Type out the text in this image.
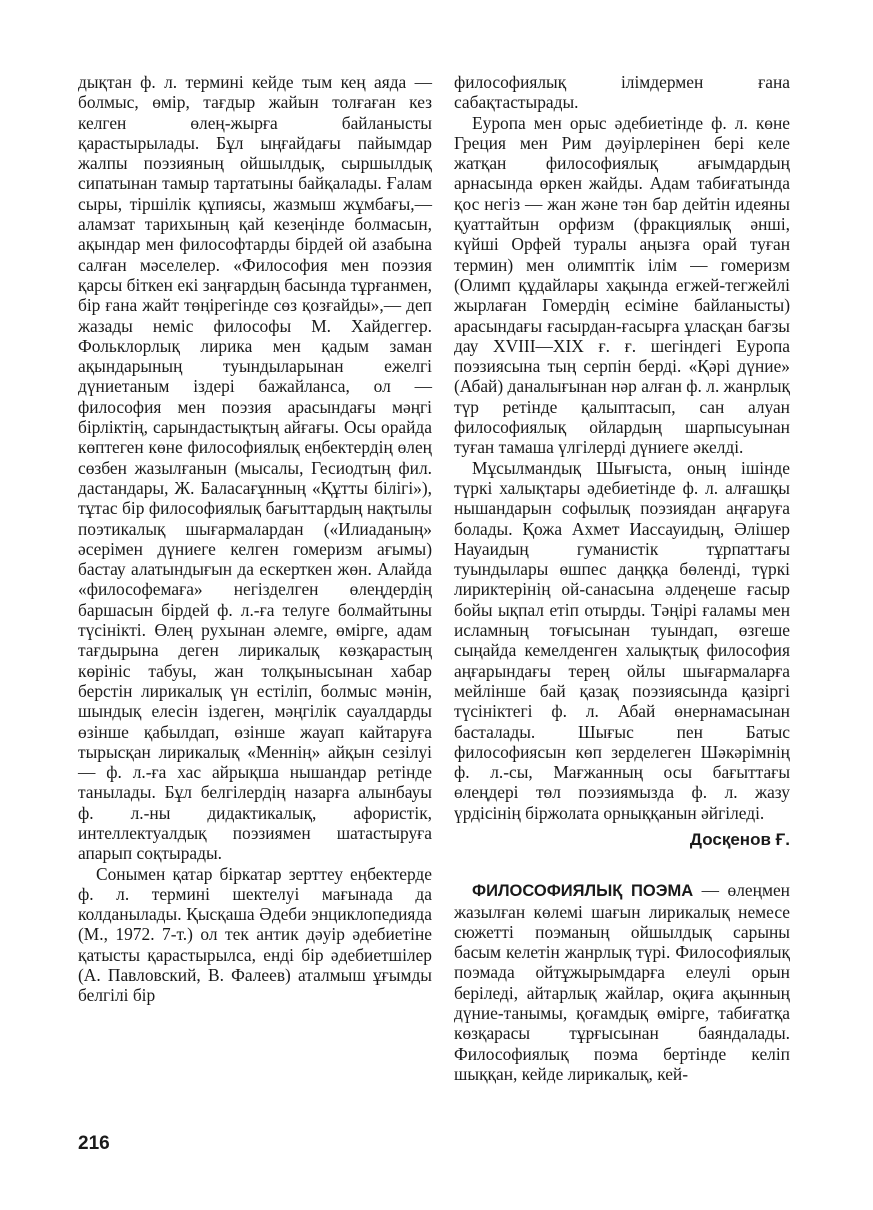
дықтан ф. л. термині кейде тым кең аяда — болмыс, өмір, тағдыр жайын толғаған кез келген өлең-жырға байланысты қарастырылады. Бұл ыңғайдағы пайымдар жалпы поэзияның ойшылдық, сыршылдық сипатынан тамыр тартатыны байқалады. Ғалам сыры, тіршілік құпиясы, жазмыш жұмбағы,— аламзат тарихының қай кезеңінде болмасын, ақындар мен философтарды бірдей ой азабына салған мәселелер. «Философия мен поэзия қарсы біткен екі заңғардың басында тұрғанмен, бір ғана жайт төңірегінде сөз қозғайды»,— деп жазады неміс философы М. Хайдеггер. Фольклорлық лирика мен қадым заман ақындарының туындыларынан ежелгі дүниетаным іздері бажайланса, ол — философия мен поэзия арасындағы мәңгі бірліктің, сарындастықтың айғағы. Осы орайда көптеген көне философиялық еңбектердің өлең сөзбен жазылғанын (мысалы, Гесиодтың фил. дастандары, Ж. Баласағұнның «Құтты білігі»), тұтас бір философиялық бағыттардың нақтылы поэтикалық шығармалардан («Илиаданың» әсерімен дүниеге келген гомеризм ағымы) бастау алатындығын да ескерткен жөн. Алайда «философемаға» негізделген өлеңдердің баршасын бірдей ф. л.-ға телуге болмайтыны түсінікті. Өлең рухынан әлемге, өмірге, адам тағдырына деген лирикалық көзқарастың көрініс табуы, жан толқынысынан хабар берстін лирикалық үн естіліп, болмыс мәнін, шындық елесін іздеген, мәңгілік сауалдарды өзінше қабылдап, өзінше жауап кайтаруға тырысқан лирикалық «Меннің» айқын сезілуі — ф. л.-ға хас айрықша нышандар ретінде танылады. Бұл белгілердің назарға алынбауы ф. л.-ны дидактикалық, афористік, интеллектуалдық поэзиямен шатастыруға апарып соқтырады.

Сонымен қатар біркатар зерттеу еңбектерде ф. л. термині шектелуі мағынада да колданылады. Қысқаша Әдеби энциклопедияда (М., 1972. 7-т.) ол тек антик дәуір әдебиетіне қатысты қарастырылса, енді бір әдебиетшілер (А. Павловский, В. Фалеев) аталмыш ұғымды белгілі бір

философиялық ілімдермен ғана сабақтастырады.

Еуропа мен орыс әдебиетінде ф. л. көне Греция мен Рим дәуірлерінен бері келе жатқан философиялық ағымдардың арнасында өркен жайды. Адам табиғатында қос негіз — жан және тән бар дейтін идеяны қуаттайтын орфизм (фракциялық әнші, күйші Орфей туралы аңызға орай туған термин) мен олимптік ілім — гомеризм (Олимп құдайлары хақында егжей-тегжейлі жырлаған Гомердің есіміне байланысты) арасындағы ғасырдан-ғасырға ұласқан бағзы дау XVIII—XIX ғ. ғ. шегіндегі Еуропа поэзиясына тың серпін берді. «Қәрі дүние» (Абай) даналығынан нәр алған ф. л. жанрлық түр ретінде қалыптасып, сан алуан философиялық ойлардың шарпысуынан туған тамаша үлгілерді дүниеге әкелді.

Мұсылмандық Шығыста, оның ішінде түркі халықтары әдебиетінде ф. л. алғашқы нышандарын софылық поэзиядан аңғаруға болады. Қожа Ахмет Иассауидың, Әлішер Науаидың гуманистік тұрпаттағы туындылары өшпес даңққа бөленді, түркі лириктерінің ой-санасына әлдеңеше ғасыр бойы ықпал етіп отырды. Тәңірі ғаламы мен исламның тоғысынан туындап, өзгеше сыңайда кемелденген халықтық философия аңғарындағы терең ойлы шығармаларға мейлінше бай қазақ поэзиясында қазіргі түсініктегі ф. л. Абай өнернамасынан басталады. Шығыс пен Батыс философиясын көп зерделеген Шәкәрімнің ф. л.-сы, Мағжанның осы бағыттағы өлеңдері төл поэзиямызда ф. л. жазу үрдісінің біржолата орныққанын әйгіледі.

Досқенов Ғ.

ФИЛОСОФИЯЛЫҚ ПОЭМА — өлеңмен жазылған көлемі шағын лирикалық немесе сюжетті поэманың ойшылдық сарыны басым келетін жанрлық түрі. Философиялық поэмада ойтұжырымдарға елеулі орын беріледі, айтарлық жайлар, оқиға ақынның дүние-танымы, қоғамдық өмірге, табиғатқа көзқарасы тұрғысынан баяндалады. Философиялық поэма бертінде келіп шыққан, кейде лирикалық, кей-

216
